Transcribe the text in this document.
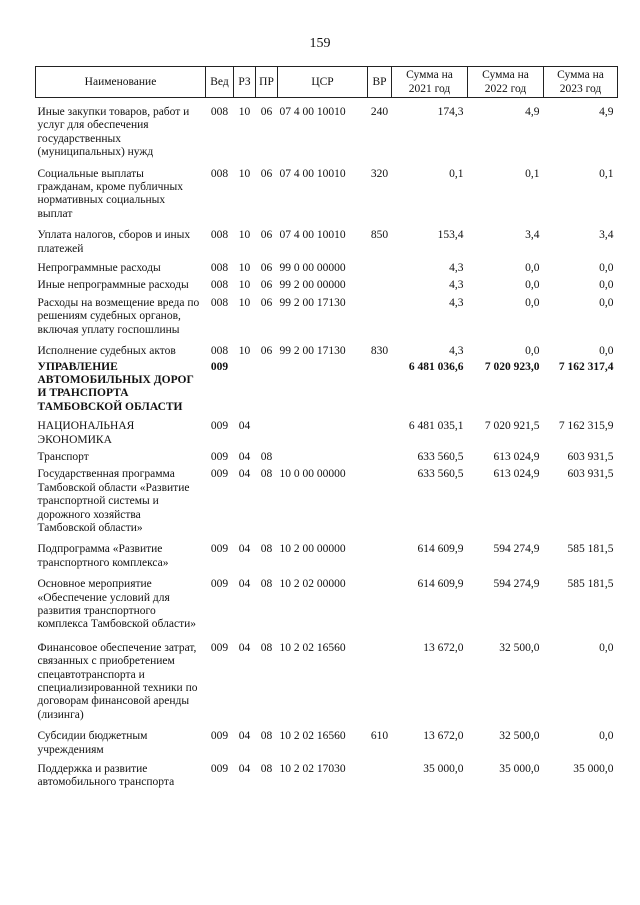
159
Наименование	Вед	РЗ	ПР	ЦСР	ВР	Сумма на 2021 год	Сумма на 2022 год	Сумма на 2023 год
Иные закупки товаров, работ и услуг для обеспечения государственных (муниципальных) нужд	008	10	06	07 4 00 10010	240	174,3	4,9	4,9
Социальные выплаты гражданам, кроме публичных нормативных социальных выплат	008	10	06	07 4 00 10010	320	0,1	0,1	0,1
Уплата налогов, сборов и иных платежей	008	10	06	07 4 00 10010	850	153,4	3,4	3,4
Непрограммные расходы	008	10	06	99 0 00 00000		4,3	0,0	0,0
Иные непрограммные расходы	008	10	06	99 2 00 00000		4,3	0,0	0,0
Расходы на возмещение вреда по решениям судебных органов, включая уплату госпошлины	008	10	06	99 2 00 17130		4,3	0,0	0,0
Исполнение судебных актов	008	10	06	99 2 00 17130	830	4,3	0,0	0,0
УПРАВЛЕНИЕ АВТОМОБИЛЬНЫХ ДОРОГ И ТРАНСПОРТА ТАМБОВСКОЙ ОБЛАСТИ	009					6 481 036,6	7 020 923,0	7 162 317,4
НАЦИОНАЛЬНАЯ ЭКОНОМИКА	009	04				6 481 035,1	7 020 921,5	7 162 315,9
Транспорт	009	04	08			633 560,5	613 024,9	603 931,5
Государственная программа Тамбовской области «Развитие транспортной системы и дорожного хозяйства Тамбовской области»	009	04	08	10 0 00 00000		633 560,5	613 024,9	603 931,5
Подпрограмма «Развитие транспортного комплекса»	009	04	08	10 2 00 00000		614 609,9	594 274,9	585 181,5
Основное мероприятие «Обеспечение условий для развития транспортного комплекса Тамбовской области»	009	04	08	10 2 02 00000		614 609,9	594 274,9	585 181,5
Финансовое обеспечение затрат, связанных с приобретением спецавтотранспорта и специализированной техники по договорам финансовой аренды (лизинга)	009	04	08	10 2 02 16560		13 672,0	32 500,0	0,0
Субсидии бюджетным учреждениям	009	04	08	10 2 02 16560	610	13 672,0	32 500,0	0,0
Поддержка и развитие автомобильного транспорта	009	04	08	10 2 02 17030		35 000,0	35 000,0	35 000,0
